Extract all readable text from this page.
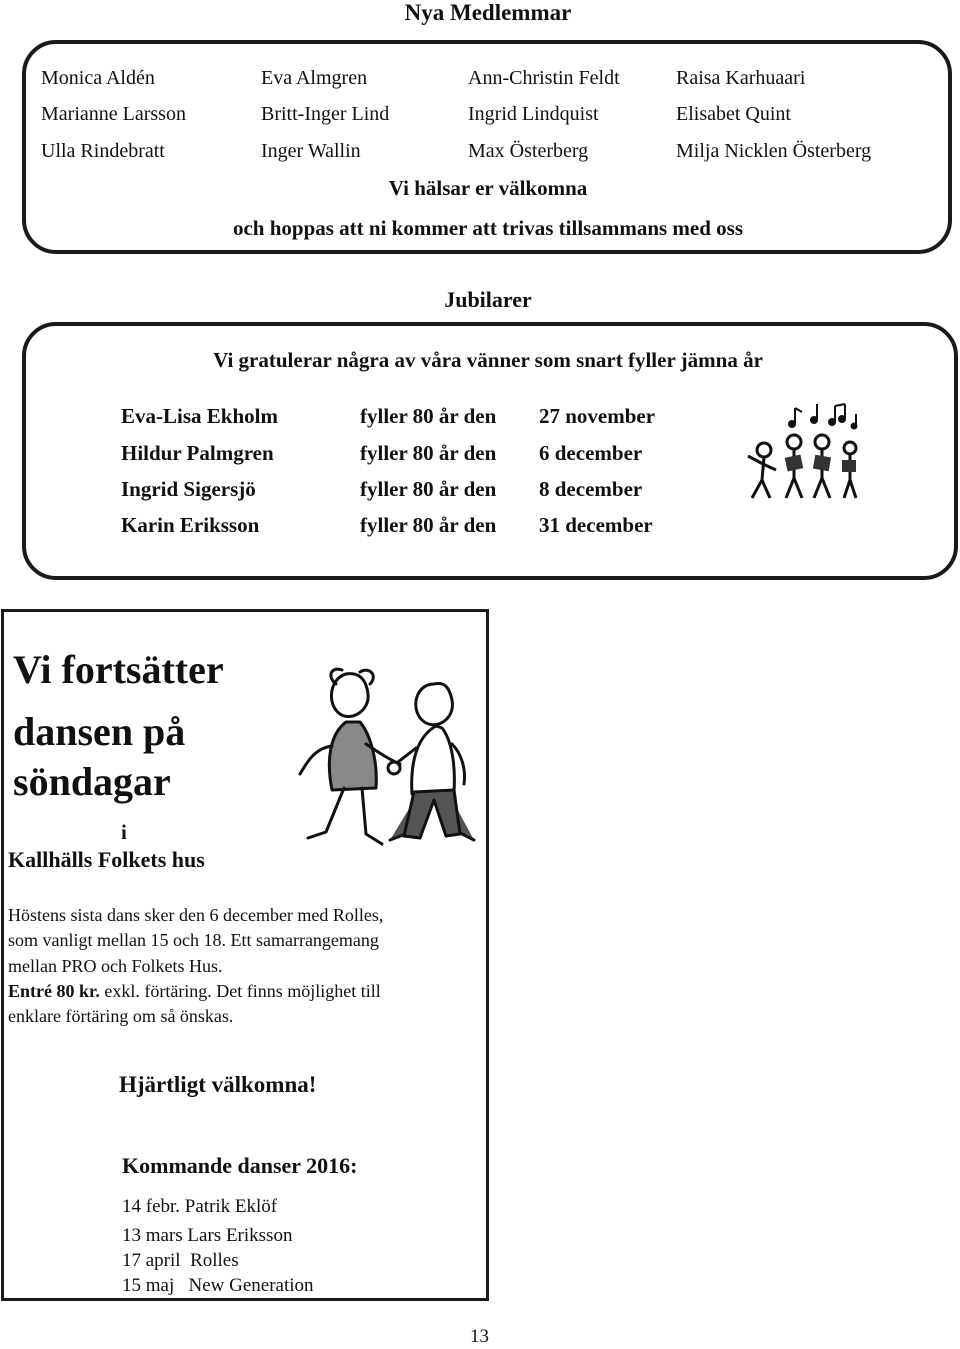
Nya Medlemmar
Monica Aldén	Eva Almgren	Ann-Christin Feldt	Raisa Karhuaari
Marianne Larsson	Britt-Inger Lind	Ingrid Lindquist	Elisabet Quint
Ulla Rindebratt	Inger Wallin	Max Österberg	Milja Nicklen Österberg
Vi hälsar er välkomna
och hoppas att ni kommer att trivas tillsammans med oss
Jubilarer
Vi gratulerar några av våra vänner som snart fyller jämna år
Eva-Lisa Ekholm	fyller 80 år den 27 november
Hildur Palmgren	fyller 80 år den 6 december
Ingrid Sigersjö	fyller 80 år den 8 december
Karin Eriksson	fyller 80 år den 31 december
Vi fortsätter
dansen på
söndagar
i
Kallhälls Folkets hus
Höstens sista dans sker den 6 december med Rolles,
som vanligt mellan 15 och 18. Ett samarrangemang
mellan PRO och Folkets Hus.
Entré 80 kr. exkl. förtäring. Det finns möjlighet till
enklare förtäring om så önskas.
Hjärtligt välkomna!
Kommande danser 2016:
14 febr. Patrik Eklöf
13 mars Lars Eriksson
17 april  Rolles
15 maj   New Generation
13
